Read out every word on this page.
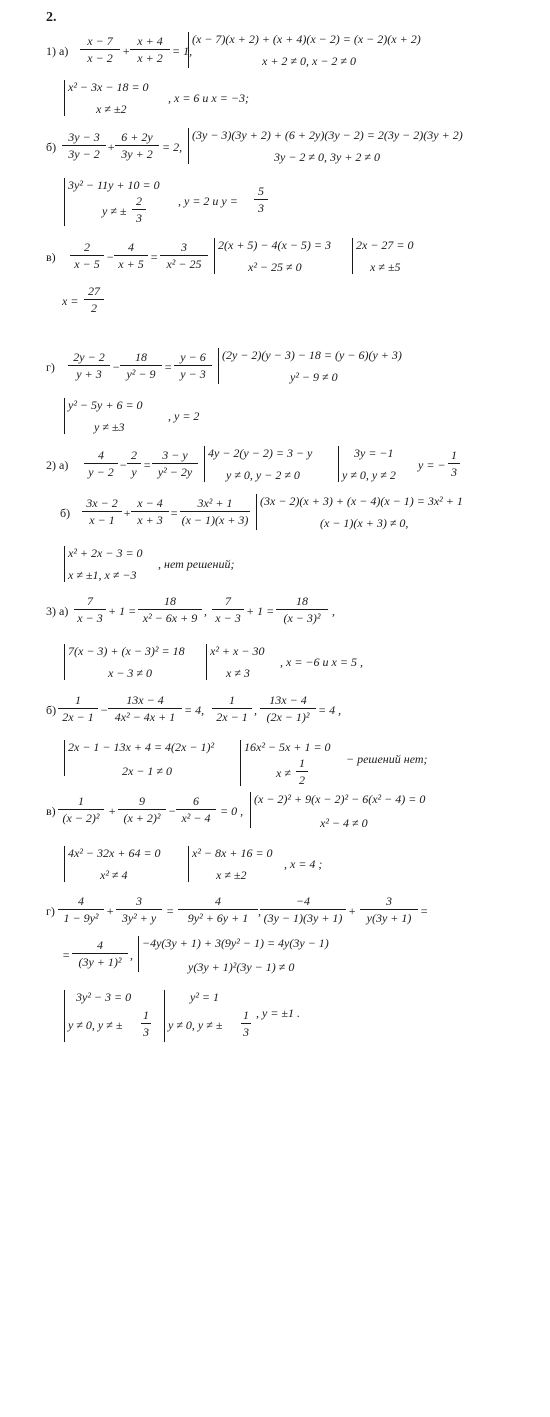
2.
1) а)
x − 7
x − 2 +
x + 4
x + 2 = 1,
(x − 7)(x + 2) + (x + 4)(x − 2) = (x − 2)(x + 2)
x + 2 ≠ 0, x − 2 ≠ 0
x² − 3x − 18 = 0
x ≠ ±2
, x = 6 и x = −3;
б)
3y − 3
3y − 2 +
6 + 2y
3y + 2 = 2,
(3y − 3)(3y + 2) + (6 + 2y)(3y − 2) = 2(3y − 2)(3y + 2)
3y − 2 ≠ 0, 3y + 2 ≠ 0
3y² − 11y + 10 = 0
y ≠ ±
2
3
, y = 2 и y =
5
3
в)
2
x − 5 −
4
x + 5 =
3
x² − 25
2(x + 5) − 4(x − 5) = 3
x² − 25 ≠ 0
2x − 27 = 0
x ≠ ±5
x =
27
2
г)
2y − 2
y + 3 −
18
y² − 9 =
y − 6
y − 3
(2y − 2)(y − 3) − 18 = (y − 6)(y + 3)
y² − 9 ≠ 0
y² − 5y + 6 = 0
y ≠ ±3
, y = 2
2) а)
4
y − 2 −
2
y =
3 − y
y² − 2y
4y − 2(y − 2) = 3 − y
y ≠ 0, y − 2 ≠ 0
3y = −1
y ≠ 0, y ≠ 2
y = −
1
3
б)
3x − 2
x − 1 +
x − 4
x + 3 =
3x² + 1
(x − 1)(x + 3)
(3x − 2)(x + 3) + (x − 4)(x − 1) = 3x² + 1
(x − 1)(x + 3) ≠ 0,
x² + 2x − 3 = 0
x ≠ ±1, x ≠ −3
, нет решений;
3) а)
7
x − 3 + 1 =
18
x² − 6x + 9 ,
7
x − 3 + 1 =
18
(x − 3)² ,
7(x − 3) + (x − 3)² = 18
x − 3 ≠ 0
x² + x − 30
x ≠ 3
, x = −6 и x = 5 ,
б)
1
2x − 1 −
13x − 4
4x² − 4x + 1 = 4,
1
2x − 1 ,
13x − 4
(2x − 1)² = 4 ,
2x − 1 − 13x + 4 = 4(2x − 1)²
2x − 1 ≠ 0
16x² − 5x + 1 = 0
x ≠
1
2
− решений нет;
в)
1
(x − 2)² +
9
(x + 2)² −
6
x² − 4 = 0 ,
(x − 2)² + 9(x − 2)² − 6(x² − 4) = 0
x² − 4 ≠ 0
4x² − 32x + 64 = 0
x² ≠ 4
x² − 8x + 16 = 0
x ≠ ±2
, x = 4 ;
г)
4
1 − 9y² +
3
3y² + y =
4
9y² + 6y + 1 ,
−4
(3y − 1)(3y + 1) +
3
y(3y + 1) =
=
4
(3y + 1)² ,
−4y(3y + 1) + 3(9y² − 1) = 4y(3y − 1)
y(3y + 1)²(3y − 1) ≠ 0
3y² − 3 = 0
y ≠ 0, y ≠ ±
1
3
y² = 1
y ≠ 0, y ≠ ±
1
3
, y = ±1 .
